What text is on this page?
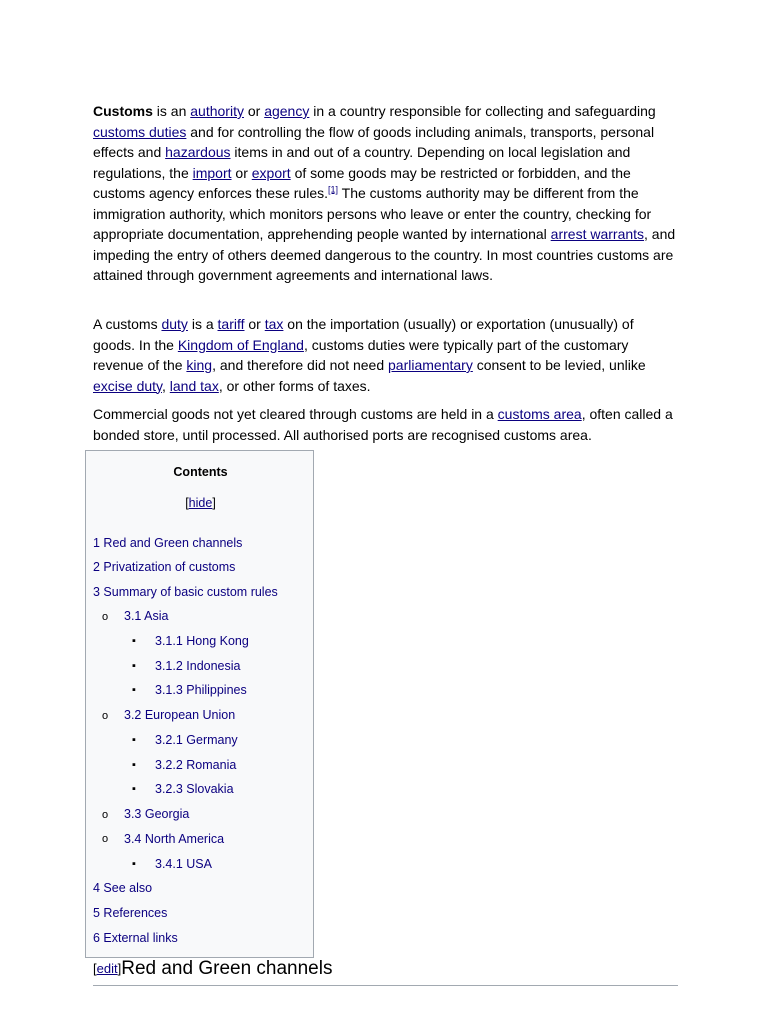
Customs is an authority or agency in a country responsible for collecting and safeguarding customs duties and for controlling the flow of goods including animals, transports, personal effects and hazardous items in and out of a country. Depending on local legislation and regulations, the import or export of some goods may be restricted or forbidden, and the customs agency enforces these rules.[1] The customs authority may be different from the immigration authority, which monitors persons who leave or enter the country, checking for appropriate documentation, apprehending people wanted by international arrest warrants, and impeding the entry of others deemed dangerous to the country. In most countries customs are attained through government agreements and international laws.

A customs duty is a tariff or tax on the importation (usually) or exportation (unusually) of goods. In the Kingdom of England, customs duties were typically part of the customary revenue of the king, and therefore did not need parliamentary consent to be levied, unlike excise duty, land tax, or other forms of taxes.

Commercial goods not yet cleared through customs are held in a customs area, often called a bonded store, until processed. All authorised ports are recognised customs area.

Contents
[hide]
1 Red and Green channels
2 Privatization of customs
3 Summary of basic custom rules
o 3.1 Asia
▪ 3.1.1 Hong Kong
▪ 3.1.2 Indonesia
▪ 3.1.3 Philippines
o 3.2 European Union
▪ 3.2.1 Germany
▪ 3.2.2 Romania
▪ 3.2.3 Slovakia
o 3.3 Georgia
o 3.4 North America
▪ 3.4.1 USA
4 See also
5 References
6 External links
[edit]Red and Green channels
